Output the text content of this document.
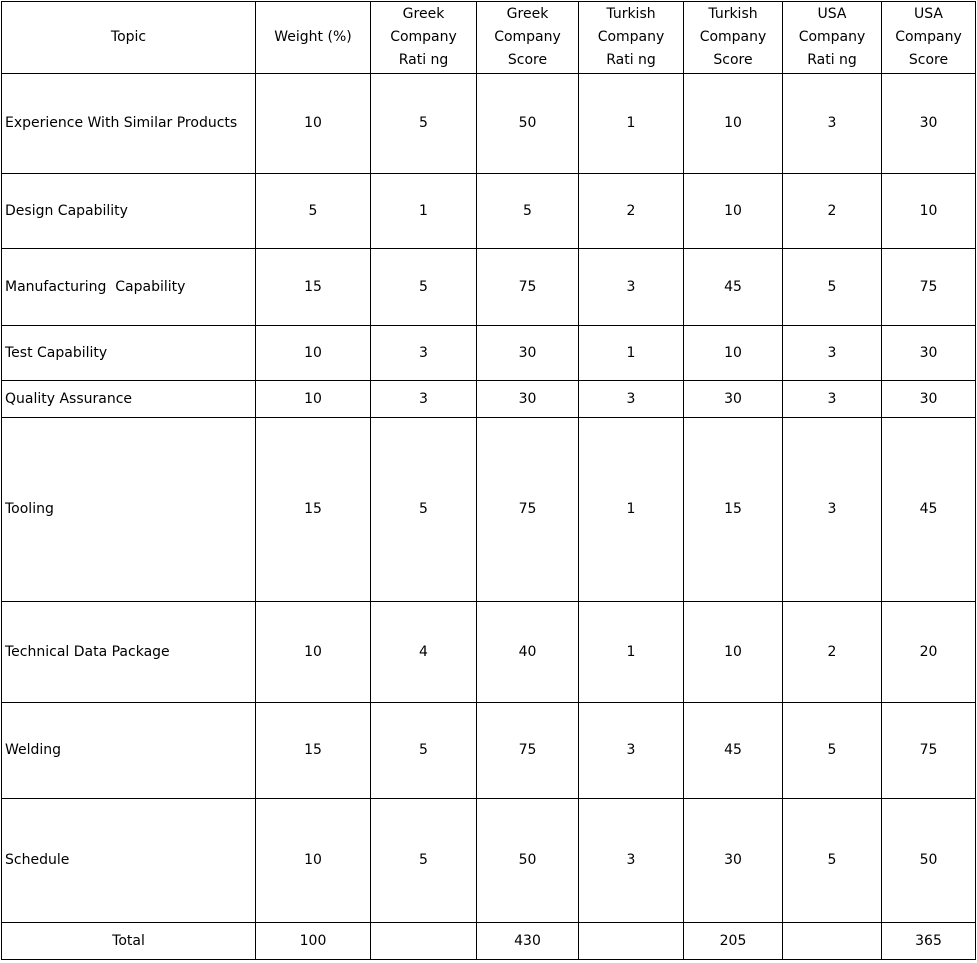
Topic	Weight (%)	Greek
Company
Rati ng	Greek
Company
Score	Turkish
Company
Rati ng	Turkish
Company
Score	USA
Company
Rati ng	USA
Company
Score

Experience With Similar Products	10	5	50	1	10	3	30
Design Capability	5	1	5	2	10	2	10
Manufacturing  Capability	15	5	75	3	45	5	75
Test Capability	10	3	30	1	10	3	30
Quality Assurance	10	3	30	3	30	3	30
Tooling	15	5	75	1	15	3	45
Technical Data Package	10	4	40	1	10	2	20
Welding	15	5	75	3	45	5	75
Schedule	10	5	50	3	30	5	50
Total	100		430		205		365
